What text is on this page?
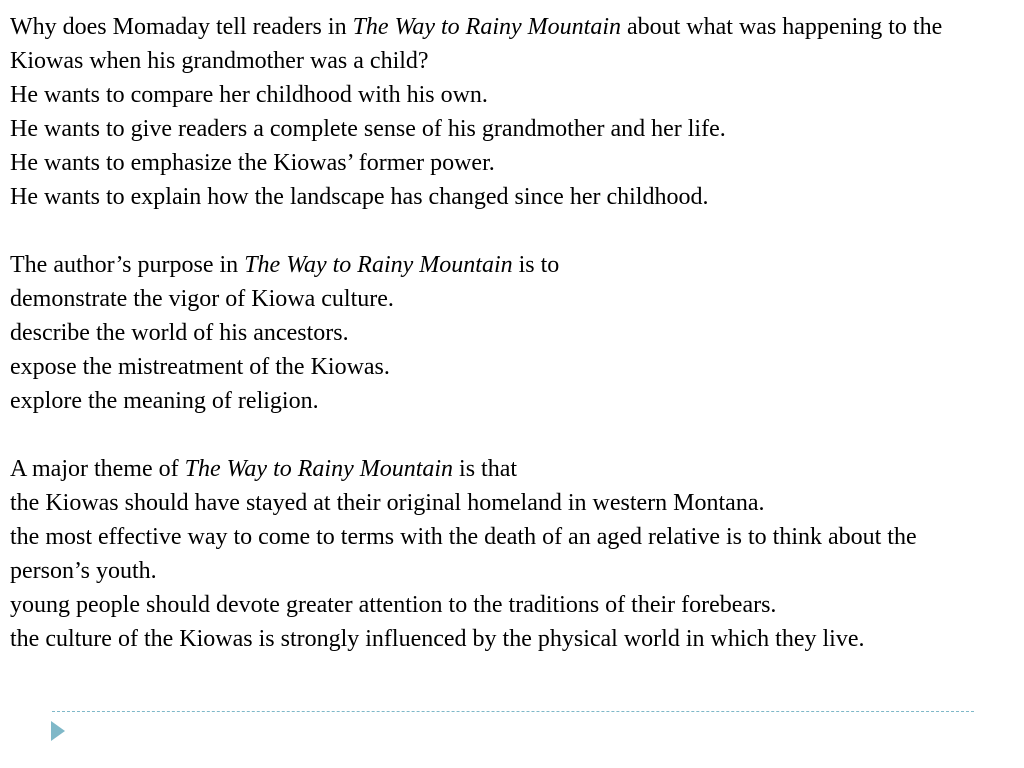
Why does Momaday tell readers in The Way to Rainy Mountain about what was happening to the Kiowas when his grandmother was a child?
He wants to compare her childhood with his own.
He wants to give readers a complete sense of his grandmother and her life.
He wants to emphasize the Kiowas’ former power.
He wants to explain how the landscape has changed since her childhood.
The author’s purpose in The Way to Rainy Mountain is to
demonstrate the vigor of Kiowa culture.
describe the world of his ancestors.
expose the mistreatment of the Kiowas.
explore the meaning of religion.
A major theme of The Way to Rainy Mountain is that
the Kiowas should have stayed at their original homeland in western Montana.
the most effective way to come to terms with the death of an aged relative is to think about the person’s youth.
young people should devote greater attention to the traditions of their forebears.
the culture of the Kiowas is strongly influenced by the physical world in which they live.
